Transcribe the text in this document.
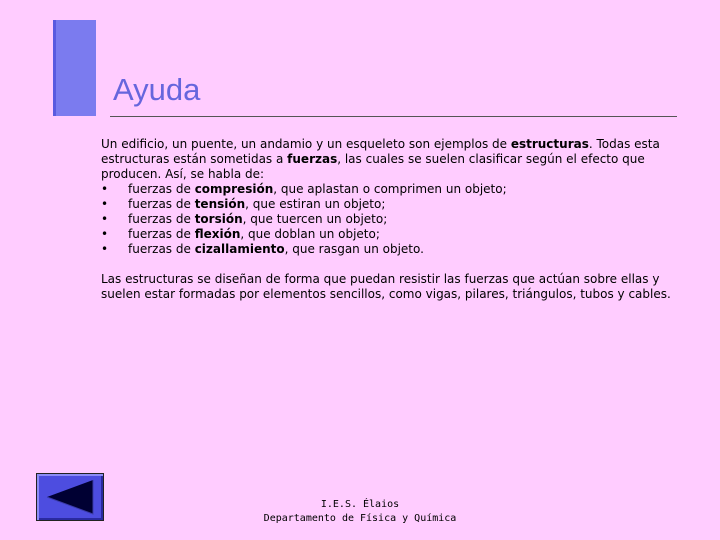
Ayuda

Un edificio, un puente, un andamio y un esqueleto son ejemplos de estructuras. Todas esta estructuras están sometidas a fuerzas, las cuales se suelen clasificar según el efecto que producen. Así, se habla de:

• fuerzas de compresión, que aplastan o comprimen un objeto;
• fuerzas de tensión, que estiran un objeto;
• fuerzas de torsión, que tuercen un objeto;
• fuerzas de flexión, que doblan un objeto;
• fuerzas de cizallamiento, que rasgan un objeto.

Las estructuras se diseñan de forma que puedan resistir las fuerzas que actúan sobre ellas y suelen estar formadas por elementos sencillos, como vigas, pilares, triángulos, tubos y cables.

I.E.S. Élaios
Departamento de Física y Química
